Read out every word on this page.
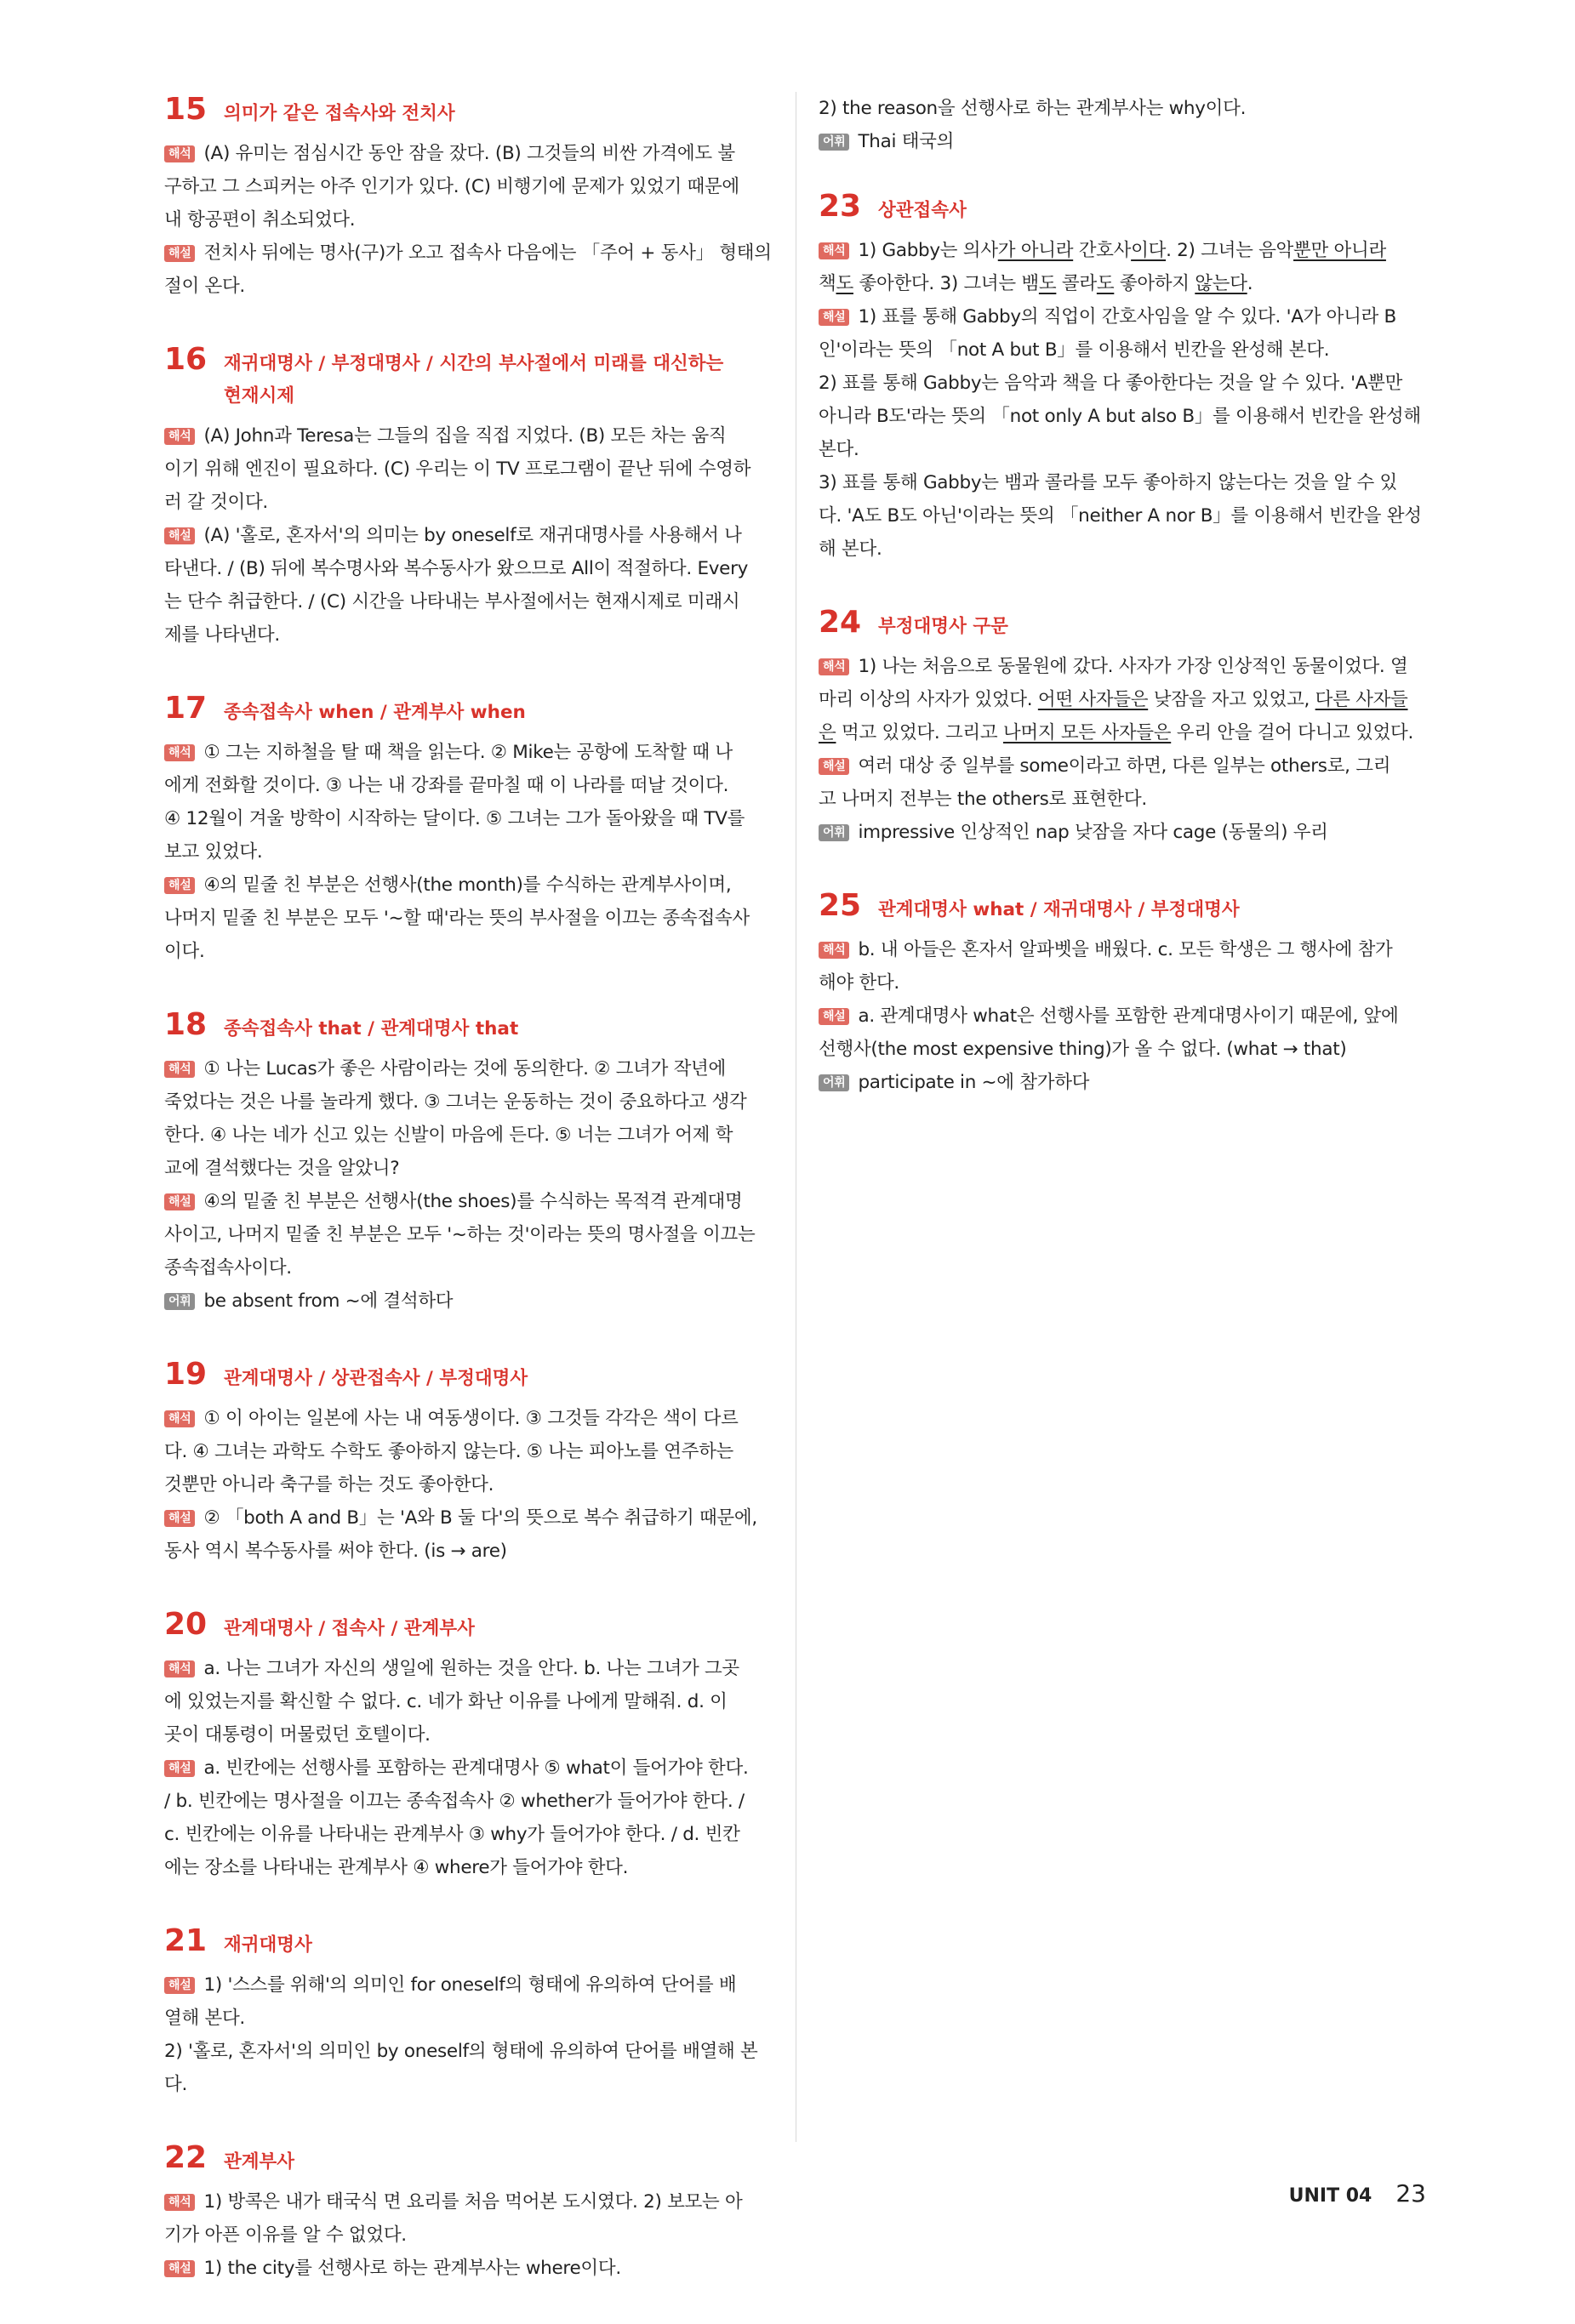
15 의미가 같은 접속사와 전치사
해석 (A) 유미는 점심시간 동안 잠을 잤다. (B) 그것들의 비싼 가격에도 불
구하고 그 스피커는 아주 인기가 있다. (C) 비행기에 문제가 있었기 때문에
내 항공편이 취소되었다.
해설 전치사 뒤에는 명사(구)가 오고 접속사 다음에는 「주어 + 동사」 형태의
절이 온다.
16 재귀대명사 / 부정대명사 / 시간의 부사절에서 미래를 대신하는
현재시제
해석 (A) John과 Teresa는 그들의 집을 직접 지었다. (B) 모든 차는 움직
이기 위해 엔진이 필요하다. (C) 우리는 이 TV 프로그램이 끝난 뒤에 수영하
러 갈 것이다.
해설 (A) '홀로, 혼자서'의 의미는 by oneself로 재귀대명사를 사용해서 나
타낸다. / (B) 뒤에 복수명사와 복수동사가 왔으므로 All이 적절하다. Every
는 단수 취급한다. / (C) 시간을 나타내는 부사절에서는 현재시제로 미래시
제를 나타낸다.
17 종속접속사 when / 관계부사 when
해석 ① 그는 지하철을 탈 때 책을 읽는다. ② Mike는 공항에 도착할 때 나
에게 전화할 것이다. ③ 나는 내 강좌를 끝마칠 때 이 나라를 떠날 것이다.
④ 12월이 겨울 방학이 시작하는 달이다. ⑤ 그녀는 그가 돌아왔을 때 TV를
보고 있었다.
해설 ④의 밑줄 친 부분은 선행사(the month)를 수식하는 관계부사이며,
나머지 밑줄 친 부분은 모두 '~할 때'라는 뜻의 부사절을 이끄는 종속접속사
이다.
18 종속접속사 that / 관계대명사 that
해석 ① 나는 Lucas가 좋은 사람이라는 것에 동의한다. ② 그녀가 작년에
죽었다는 것은 나를 놀라게 했다. ③ 그녀는 운동하는 것이 중요하다고 생각
한다. ④ 나는 네가 신고 있는 신발이 마음에 든다. ⑤ 너는 그녀가 어제 학
교에 결석했다는 것을 알았니?
해설 ④의 밑줄 친 부분은 선행사(the shoes)를 수식하는 목적격 관계대명
사이고, 나머지 밑줄 친 부분은 모두 '~하는 것'이라는 뜻의 명사절을 이끄는
종속접속사이다.
어휘 be absent from ~에 결석하다
19 관계대명사 / 상관접속사 / 부정대명사
해석 ① 이 아이는 일본에 사는 내 여동생이다. ③ 그것들 각각은 색이 다르
다. ④ 그녀는 과학도 수학도 좋아하지 않는다. ⑤ 나는 피아노를 연주하는
것뿐만 아니라 축구를 하는 것도 좋아한다.
해설 ② 「both A and B」는 'A와 B 둘 다'의 뜻으로 복수 취급하기 때문에,
동사 역시 복수동사를 써야 한다. (is → are)
20 관계대명사 / 접속사 / 관계부사
해석 a. 나는 그녀가 자신의 생일에 원하는 것을 안다. b. 나는 그녀가 그곳
에 있었는지를 확신할 수 없다. c. 네가 화난 이유를 나에게 말해줘. d. 이
곳이 대통령이 머물렀던 호텔이다.
해설 a. 빈칸에는 선행사를 포함하는 관계대명사 ⑤ what이 들어가야 한다.
/ b. 빈칸에는 명사절을 이끄는 종속접속사 ② whether가 들어가야 한다. /
c. 빈칸에는 이유를 나타내는 관계부사 ③ why가 들어가야 한다. / d. 빈칸
에는 장소를 나타내는 관계부사 ④ where가 들어가야 한다.
21 재귀대명사
해설 1) '스스를 위해'의 의미인 for oneself의 형태에 유의하여 단어를 배
열해 본다.
2) '홀로, 혼자서'의 의미인 by oneself의 형태에 유의하여 단어를 배열해 본
다.
22 관계부사
해석 1) 방콕은 내가 태국식 면 요리를 처음 먹어본 도시였다. 2) 보모는 아
기가 아픈 이유를 알 수 없었다.
해설 1) the city를 선행사로 하는 관계부사는 where이다.
2) the reason을 선행사로 하는 관계부사는 why이다.
어휘 Thai 태국의
23 상관접속사
해석 1) Gabby는 의사가 아니라 간호사이다. 2) 그녀는 음악뿐만 아니라
책도 좋아한다. 3) 그녀는 뱀도 콜라도 좋아하지 않는다.
해설 1) 표를 통해 Gabby의 직업이 간호사임을 알 수 있다. 'A가 아니라 B
인'이라는 뜻의 「not A but B」를 이용해서 빈칸을 완성해 본다.
2) 표를 통해 Gabby는 음악과 책을 다 좋아한다는 것을 알 수 있다. 'A뿐만
아니라 B도'라는 뜻의 「not only A but also B」를 이용해서 빈칸을 완성해
본다.
3) 표를 통해 Gabby는 뱀과 콜라를 모두 좋아하지 않는다는 것을 알 수 있
다. 'A도 B도 아닌'이라는 뜻의 「neither A nor B」를 이용해서 빈칸을 완성
해 본다.
24 부정대명사 구문
해석 1) 나는 처음으로 동물원에 갔다. 사자가 가장 인상적인 동물이었다. 열
마리 이상의 사자가 있었다. 어떤 사자들은 낮잠을 자고 있었고, 다른 사자들
은 먹고 있었다. 그리고 나머지 모든 사자들은 우리 안을 걸어 다니고 있었다.
해설 여러 대상 중 일부를 some이라고 하면, 다른 일부는 others로, 그리
고 나머지 전부는 the others로 표현한다.
어휘 impressive 인상적인 nap 낮잠을 자다 cage (동물의) 우리
25 관계대명사 what / 재귀대명사 / 부정대명사
해석 b. 내 아들은 혼자서 알파벳을 배웠다. c. 모든 학생은 그 행사에 참가
해야 한다.
해설 a. 관계대명사 what은 선행사를 포함한 관계대명사이기 때문에, 앞에
선행사(the most expensive thing)가 올 수 없다. (what → that)
어휘 participate in ~에 참가하다
UNIT 04 23
